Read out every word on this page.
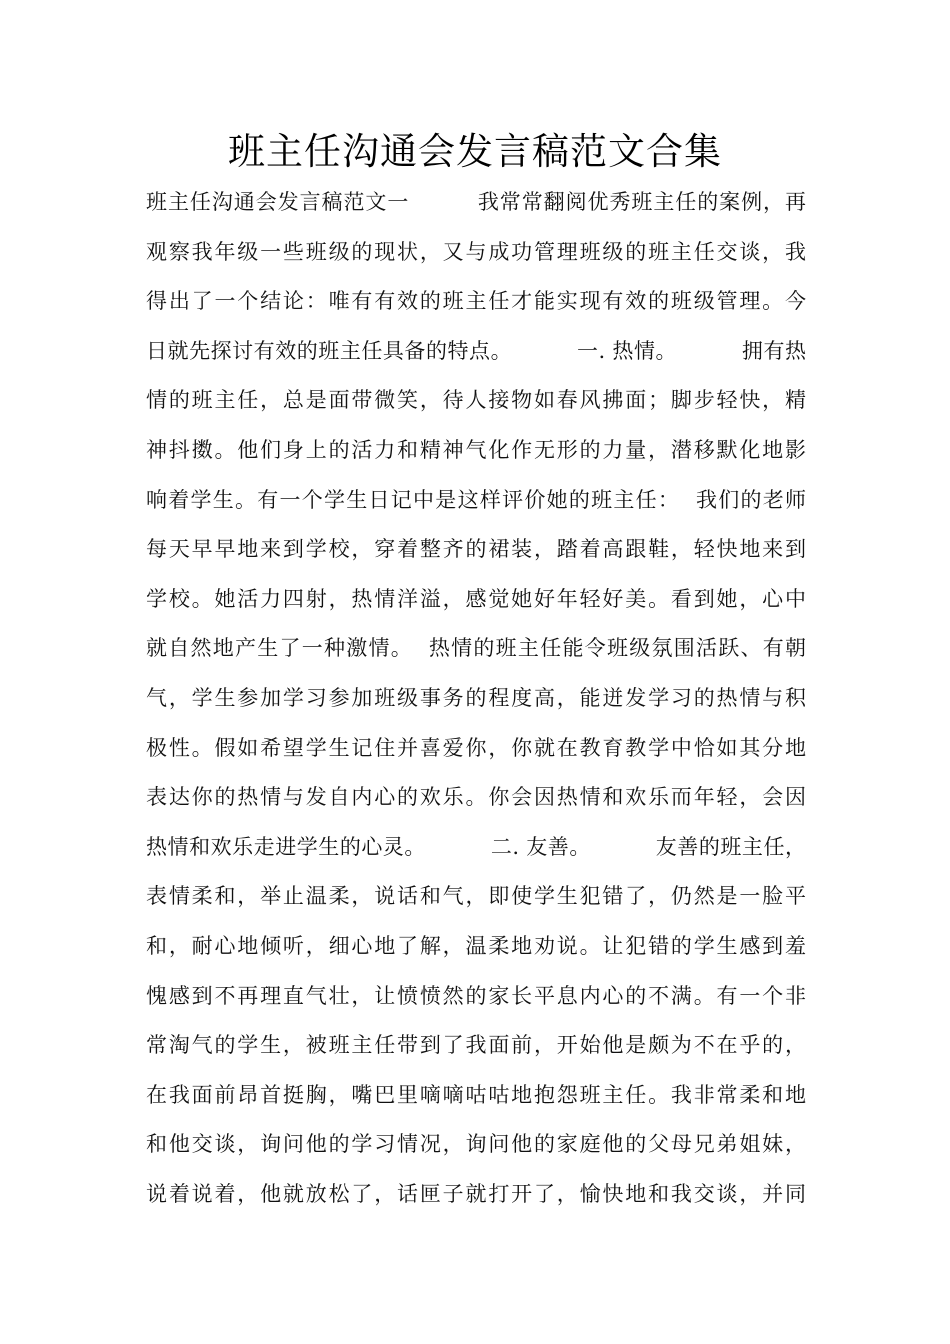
班主任沟通会发言稿范文合集
班主任沟通会发言稿范文一         我常常翻阅优秀班主任的案例，再
观察我年级一些班级的现状，又与成功管理班级的班主任交谈，我
得出了一个结论：唯有有效的班主任才能实现有效的班级管理。今
日就先探讨有效的班主任具备的特点。         一. 热情。         拥有热
情的班主任，总是面带微笑，待人接物如春风拂面；脚步轻快，精
神抖擞。他们身上的活力和精神气化作无形的力量，潜移默化地影
响着学生。有一个学生日记中是这样评价她的班主任：  我们的老师
每天早早地来到学校，穿着整齐的裙装，踏着高跟鞋，轻快地来到
学校。她活力四射，热情洋溢，感觉她好年轻好美。看到她，心中
就自然地产生了一种激情。  热情的班主任能令班级氛围活跃、有朝
气，学生参加学习参加班级事务的程度高，能迸发学习的热情与积
极性。假如希望学生记住并喜爱你，你就在教育教学中恰如其分地
表达你的热情与发自内心的欢乐。你会因热情和欢乐而年轻，会因
热情和欢乐走进学生的心灵。         二. 友善。         友善的班主任，
表情柔和，举止温柔，说话和气，即使学生犯错了，仍然是一脸平
和，耐心地倾听，细心地了解，温柔地劝说。让犯错的学生感到羞
愧感到不再理直气壮，让愤愤然的家长平息内心的不满。有一个非
常淘气的学生，被班主任带到了我面前，开始他是颇为不在乎的，
在我面前昂首挺胸，嘴巴里嘀嘀咕咕地抱怨班主任。我非常柔和地
和他交谈，询问他的学习情况，询问他的家庭他的父母兄弟姐妹，
说着说着，他就放松了，话匣子就打开了，愉快地和我交谈，并同
